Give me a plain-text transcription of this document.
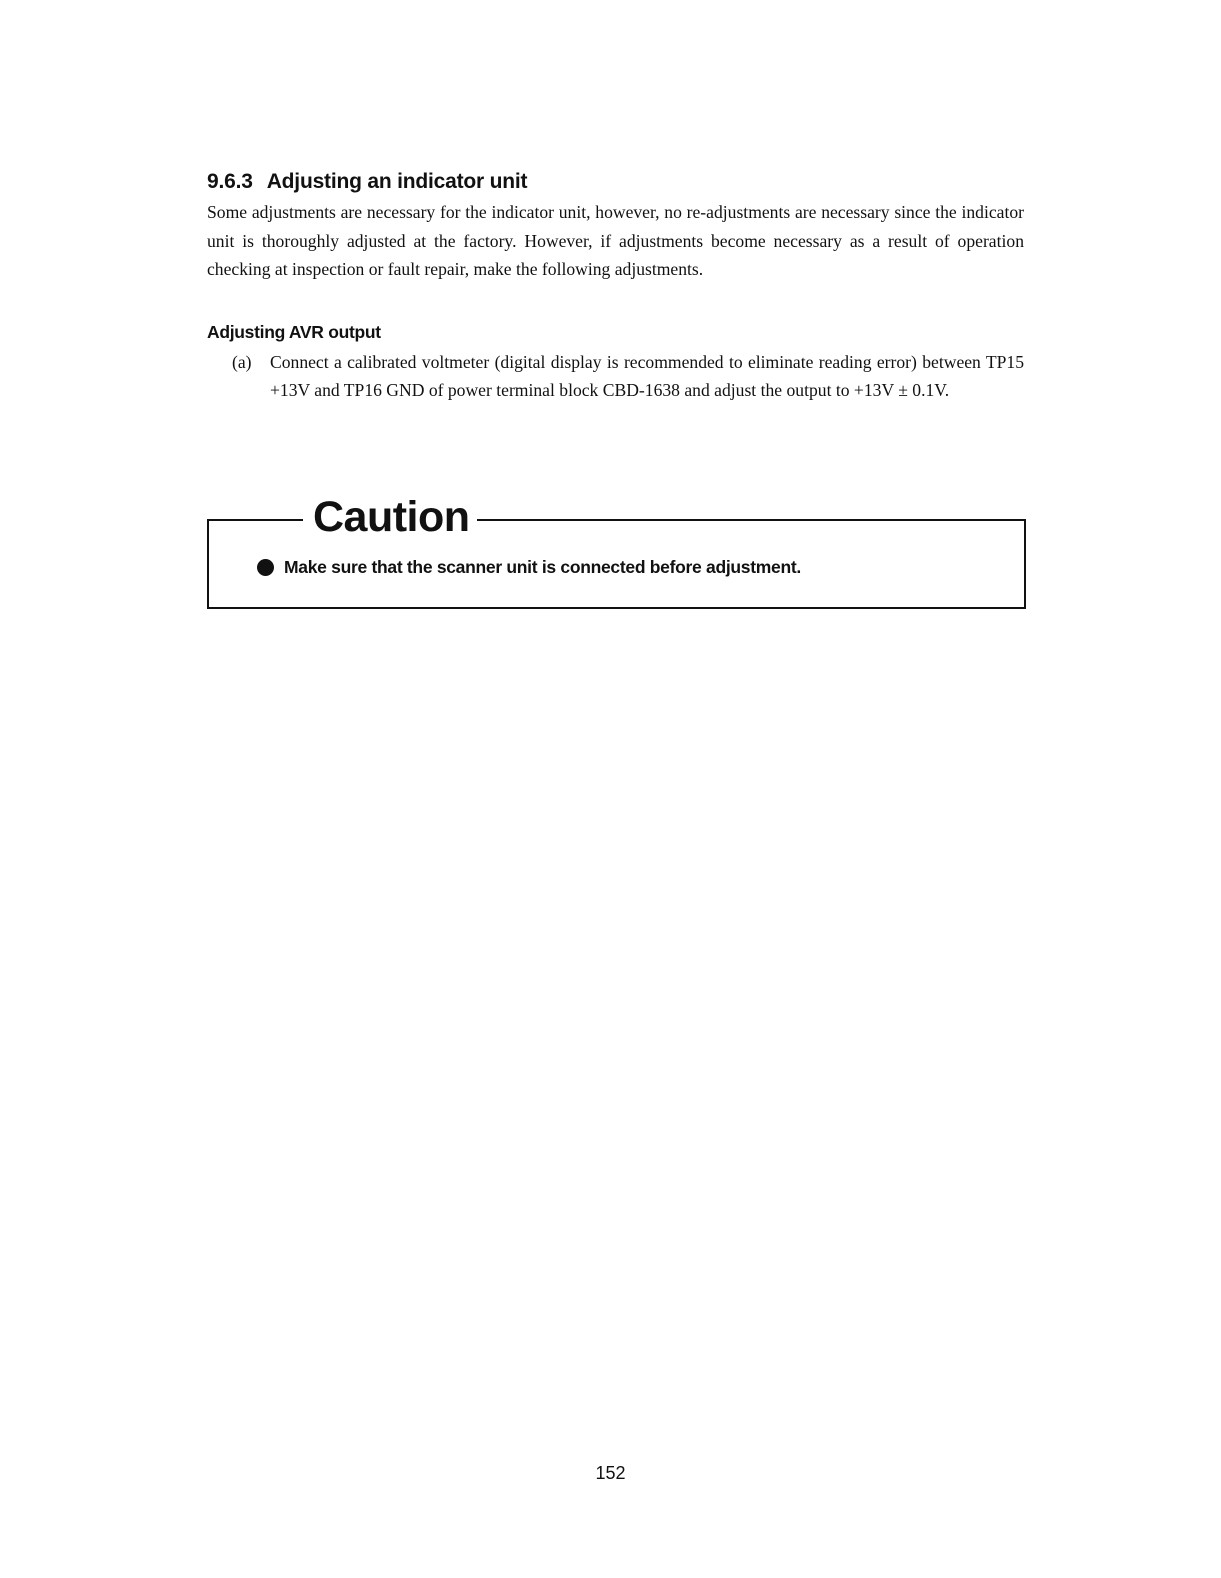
9.6.3 Adjusting an indicator unit

Some adjustments are necessary for the indicator unit, however, no re-adjustments are necessary since the indicator unit is thoroughly adjusted at the factory. However, if adjustments become necessary as a result of operation checking at inspection or fault repair, make the following adjustments.

Adjusting AVR output
(a)	Connect a calibrated voltmeter (digital display is recommended to eliminate reading error) between TP15 +13V and TP16 GND of power terminal block CBD-1638 and adjust the output to +13V ± 0.1V.
Caution
Make sure that the scanner unit is connected before adjustment.
152
